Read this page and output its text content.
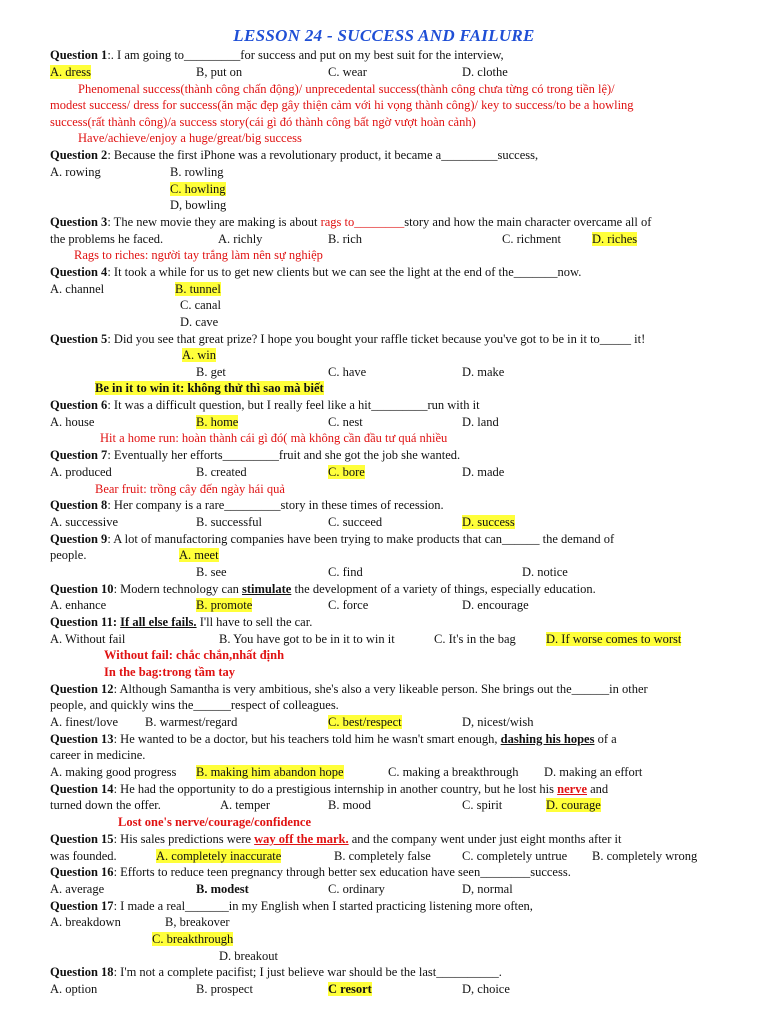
LESSON 24 - SUCCESS AND FAILURE
Question 1:. I am going to_________for success and put on my best suit for the interview,
A. dress	B, put on	C. wear	D. clothe
Phenomenal success(thành công chấn động)/ unprecedental success(thành công chưa từng có trong tiền lệ)/
modest success/ dress for success(ăn mặc đẹp gây thiện cảm với hi vọng thành công)/ key to success/to be a howling
success(rất thành công)/a success story(cái gì đó thành công bất ngờ vượt hoàn cảnh)
Have/achieve/enjoy a huge/great/big success
Question 2: Because the first iPhone was a revolutionary product, it became a_________success,
A. rowing	B. rowling
C. howling
D, bowling
Question 3: The new movie they are making is about rags to________story and how the main character overcame all of
the problems he faced.	A. richly	B. rich	C. richment D. riches
Rags to riches: người tay trắng làm nên sự nghiệp
Question 4: It took a while for us to get new clients but we can see the light at the end of the_______now.
A. channel	B. tunnel
C. canal
D. cave
Question 5: Did you see that great prize? I hope you bought your raffle ticket because you've got to be in it to_____ it!
A. win
B. get	C. have	D. make
Be in it to win it: không thử thì sao mà biết
Question 6: It was a difficult question, but I really feel like a hit_________run with it
A. house	B. home	C. nest	D. land
Hit a home run: hoàn thành cái gì đó( mà không cần đầu tư quá nhiều
Question 7: Eventually her efforts_________fruit and she got the job she wanted.
A. produced	B. created	C. bore	D. made
Bear fruit: trồng cây đến ngày hái quả
Question 8: Her company is a rare_________story in these times of recession.
A. successive	B. successful	C. succeed	D. success
Question 9: A lot of manufactoring companies have been trying to make products that can______ the demand of
people.	A. meet
B. see	C. find	D. notice
Question 10: Modern technology can stimulate the development of a variety of things, especially education.
A. enhance	B. promote	C. force	D. encourage
Question 11: If all else fails. I'll have to sell the car.
A. Without fail	B. You have got to be in it to win it	C. It's in the bag D. If worse comes to worst
Without fail: chắc chắn,nhất định
In the bag:trong tầm tay
Question 12: Although Samantha is very ambitious, she's also a very likeable person. She brings out the______in other
people, and quickly wins the______respect of colleagues.
A. finest/love B. warmest/regard	C. best/respect	D, nicest/wish
Question 13: He wanted to be a doctor, but his teachers told him he wasn't smart enough, dashing his hopes of a
career in medicine.
A. making good progress B. making him abandon hope	C. making a breakthrough D. making an effort
Question 14: He had the opportunity to do a prestigious internship in another country, but he lost his nerve and
turned down the offer.	A. temper	B. mood	C. spirit	D. courage
Lost one's nerve/courage/confidence
Question 15: His sales predictions were way off the mark. and the company went under just eight months after it
was founded.	A. completely inaccurate	B. completely false C. completely untrue B. completely wrong
Question 16: Efforts to reduce teen pregnancy through better sex education have seen________success.
A. average	B. modest	C. ordinary	D, normal
Question 17: I made a real_______in my English when I started practicing listening more often,
A. breakdown	B, breakover
C. breakthrough
D. breakout
Question 18: I'm not a complete pacifist; I just believe war should be the last__________.
A. option	B. prospect	C resort	D, choice
